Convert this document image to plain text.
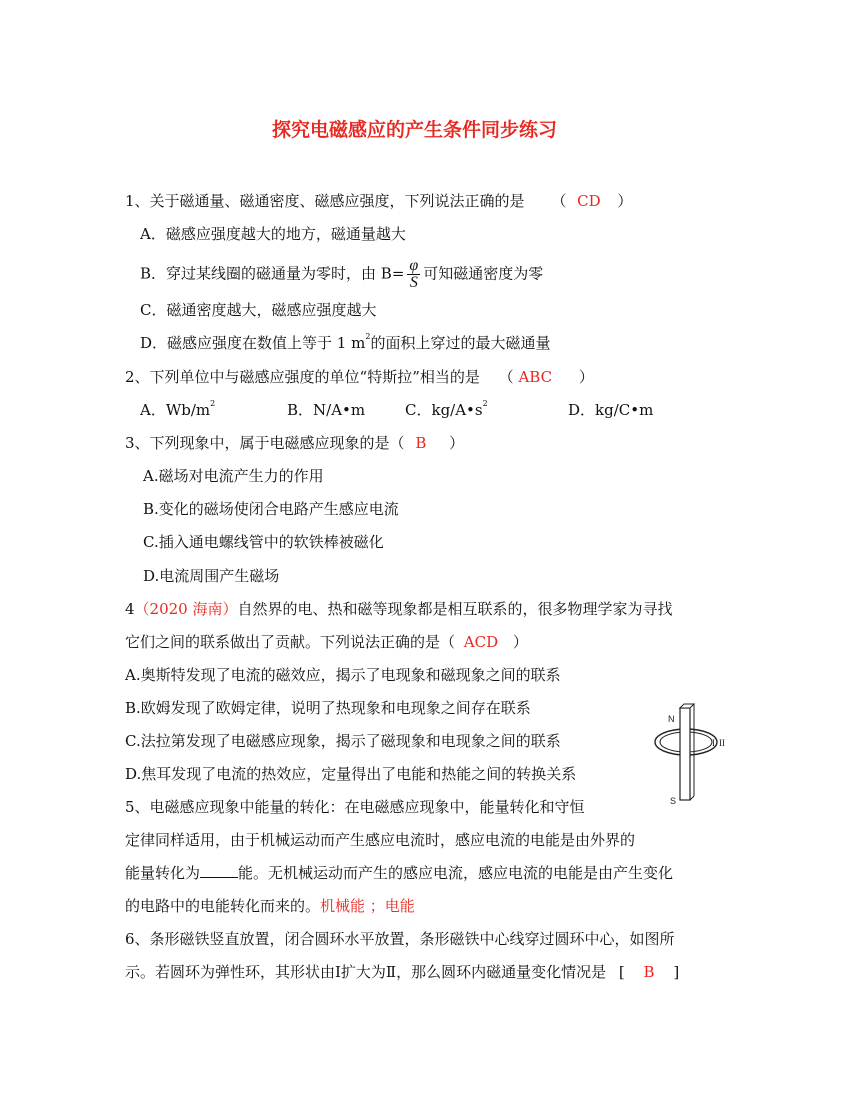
探究电磁感应的产生条件同步练习
1、关于磁通量、磁通密度、磁感应强度，下列说法正确的是 （ CD ）
A．磁感应强度越大的地方，磁通量越大
B．穿过某线圈的磁通量为零时，由 $B= \frac{\varphi}{S}$ 可知磁通密度为零
C．磁通密度越大，磁感应强度越大
D．磁感应强度在数值上等于 1 $m^2$的面积上穿过的最大磁通量
2、下列单位中与磁感应强度的单位“特斯拉”相当的是 （ ABC ）
A．$Wb/m^2$	B．N/A•m	C．$kg/A•s^2$	D．kg/C•m
3、下列现象中，属于电磁感应现象的是（ B ）
A.磁场对电流产生力的作用
B.变化的磁场使闭合电路产生感应电流
C.插入通电螺线管中的软铁棒被磁化
D.电流周围产生磁场
4（2020 海南）自然界的电、热和磁等现象都是相互联系的，很多物理学家为寻找
它们之间的联系做出了贡献。下列说法正确的是（ ACD ）
A.奥斯特发现了电流的磁效应，揭示了电现象和磁现象之间的联系
B.欧姆发现了欧姆定律，说明了热现象和电现象之间存在联系
C.法拉第发现了电磁感应现象，揭示了磁现象和电现象之间的联系
D.焦耳发现了电流的热效应，定量得出了电能和热能之间的转换关系
5、电磁感应现象中能量的转化：在电磁感应现象中，能量转化和守恒
定律同样适用，由于机械运动而产生感应电流时，感应电流的电能是由外界的
能量转化为	能。无机械运动而产生的感应电流，感应电流的电能是由产生变化
的电路中的电能转化而来的。机械能 ；电能
6、条形磁铁竖直放置，闭合圆环水平放置，条形磁铁中心线穿过圆环中心，如图所
示。若圆环为弹性环，其形状由Ⅰ扩大为Ⅱ，那么圆环内磁通量变化情况是 [ B ]
N
S
I II
